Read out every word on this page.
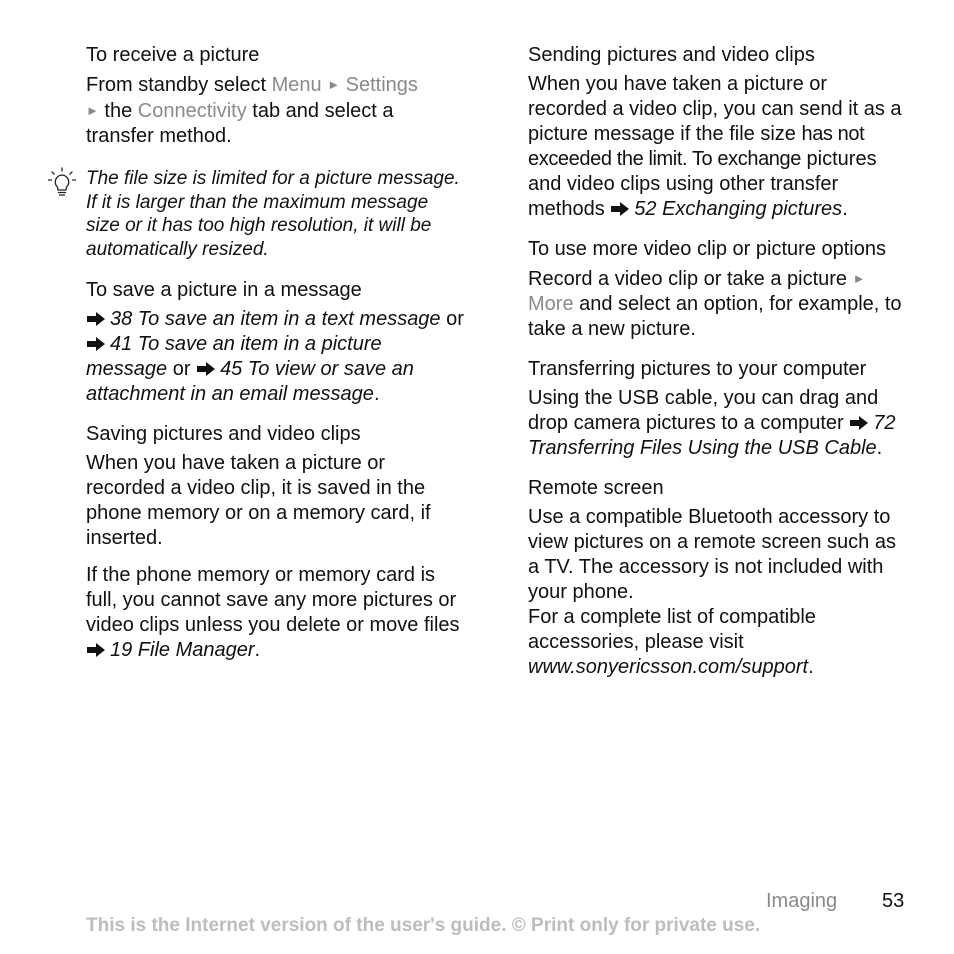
To receive a picture

From standby select Menu ► Settings
► the Connectivity tab and select a transfer method.

The file size is limited for a picture message. If it is larger than the maximum message size or it has too high resolution, it will be automatically resized.

To save a picture in a message

38 To save an item in a text message or 41 To save an item in a picture message or 45 To view or save an attachment in an email message.

Saving pictures and video clips

When you have taken a picture or recorded a video clip, it is saved in the phone memory or on a memory card, if inserted.

If the phone memory or memory card is full, you cannot save any more pictures or video clips unless you delete or move files 19 File Manager.

Sending pictures and video clips

When you have taken a picture or recorded a video clip, you can send it as a picture message if the file size has not exceeded the limit. To exchange pictures and video clips using other transfer methods 52 Exchanging pictures.

To use more video clip or picture options

Record a video clip or take a picture ► More and select an option, for example, to take a new picture.

Transferring pictures to your computer

Using the USB cable, you can drag and drop camera pictures to a computer 72 Transferring Files Using the USB Cable.

Remote screen

Use a compatible Bluetooth accessory to view pictures on a remote screen such as a TV. The accessory is not included with your phone.

For a complete list of compatible accessories, please visit www.sonyericsson.com/support.

Imaging 53
This is the Internet version of the user's guide. © Print only for private use.
